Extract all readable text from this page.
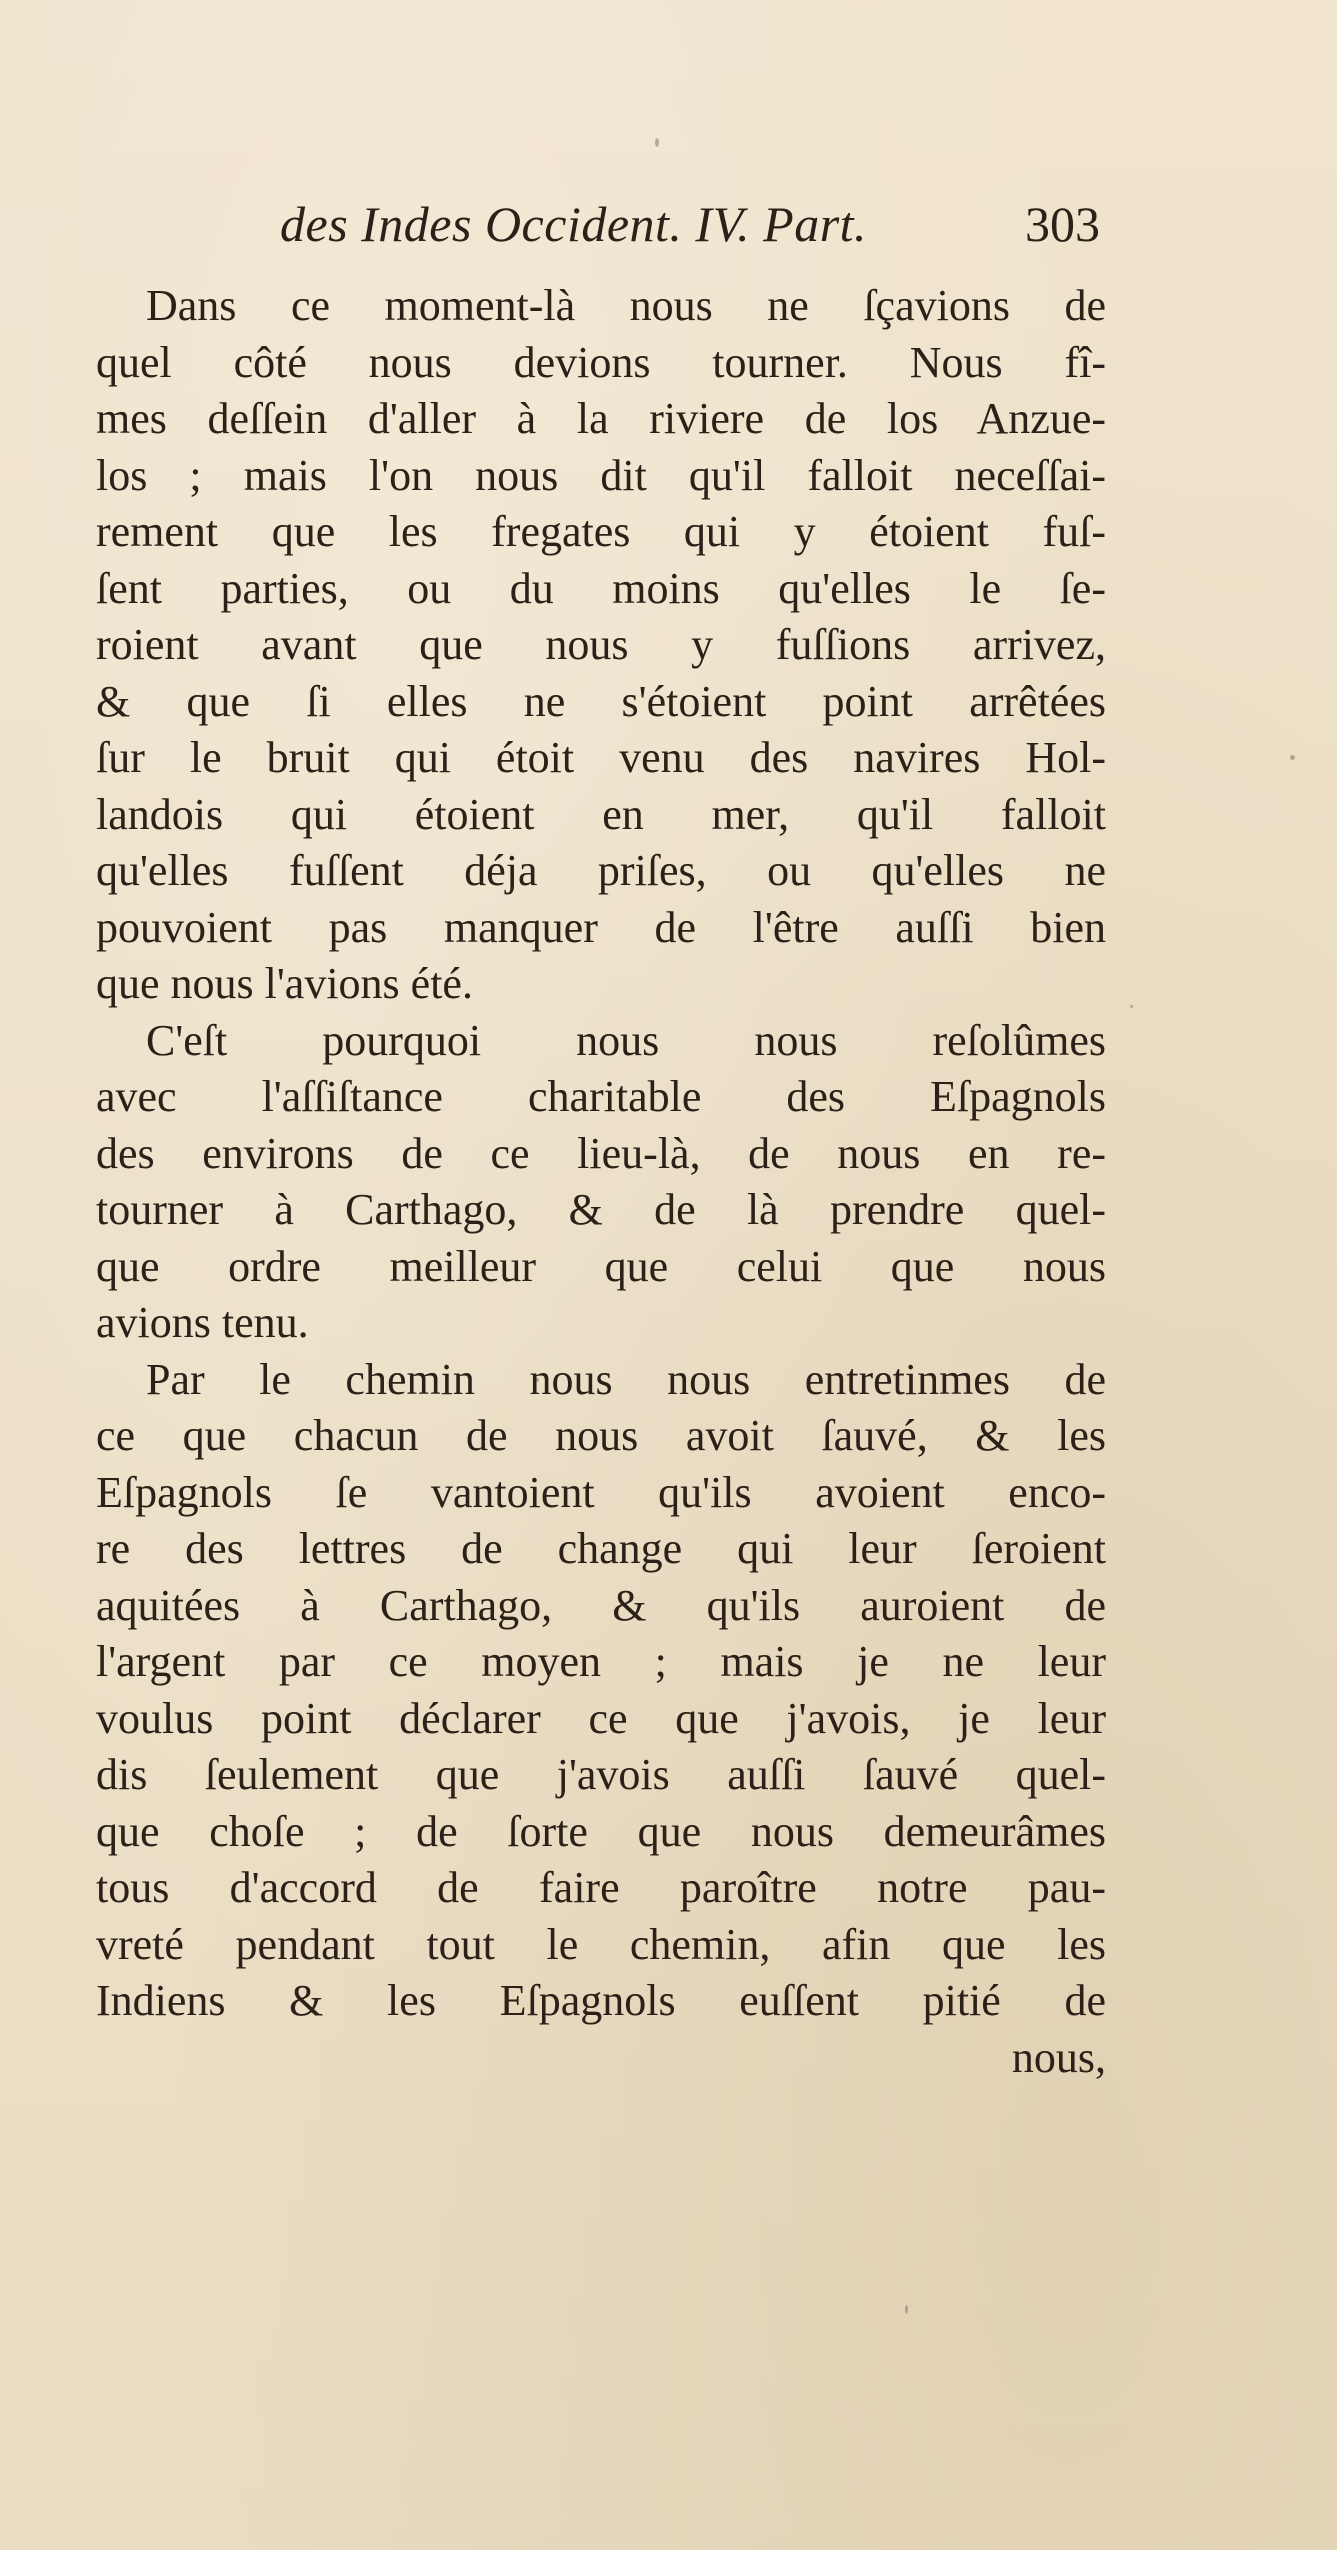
des Indes Occident. IV. Part.	303
Dans ce moment-là nous ne ſçavions de
quel côté nous devions tourner. Nous fî-
mes deſſein d'aller à la riviere de los Anzue-
los ; mais l'on nous dit qu'il falloit neceſſai-
rement que les fregates qui y étoient fuſ-
ſent parties, ou du moins qu'elles le ſe-
roient avant que nous y fuſſions arrivez,
& que ſi elles ne s'étoient point arrêtées
ſur le bruit qui étoit venu des navires Hol-
landois qui étoient en mer, qu'il falloit
qu'elles fuſſent déja priſes, ou qu'elles ne
pouvoient pas manquer de l'être auſſi bien
que nous l'avions été.
C'eſt pourquoi nous nous reſolûmes
avec l'aſſiſtance charitable des Eſpagnols
des environs de ce lieu-là, de nous en re-
tourner à Carthago, & de là prendre quel-
que ordre meilleur que celui que nous
avions tenu.
Par le chemin nous nous entretinmes de
ce que chacun de nous avoit ſauvé, & les
Eſpagnols ſe vantoient qu'ils avoient enco-
re des lettres de change qui leur ſeroient
aquitées à Carthago, & qu'ils auroient de
l'argent par ce moyen ; mais je ne leur
voulus point déclarer ce que j'avois, je leur
dis ſeulement que j'avois auſſi ſauvé quel-
que choſe ; de ſorte que nous demeurâmes
tous d'accord de faire paroître notre pau-
vreté pendant tout le chemin, afin que les
Indiens & les Eſpagnols euſſent pitié de
nous,
